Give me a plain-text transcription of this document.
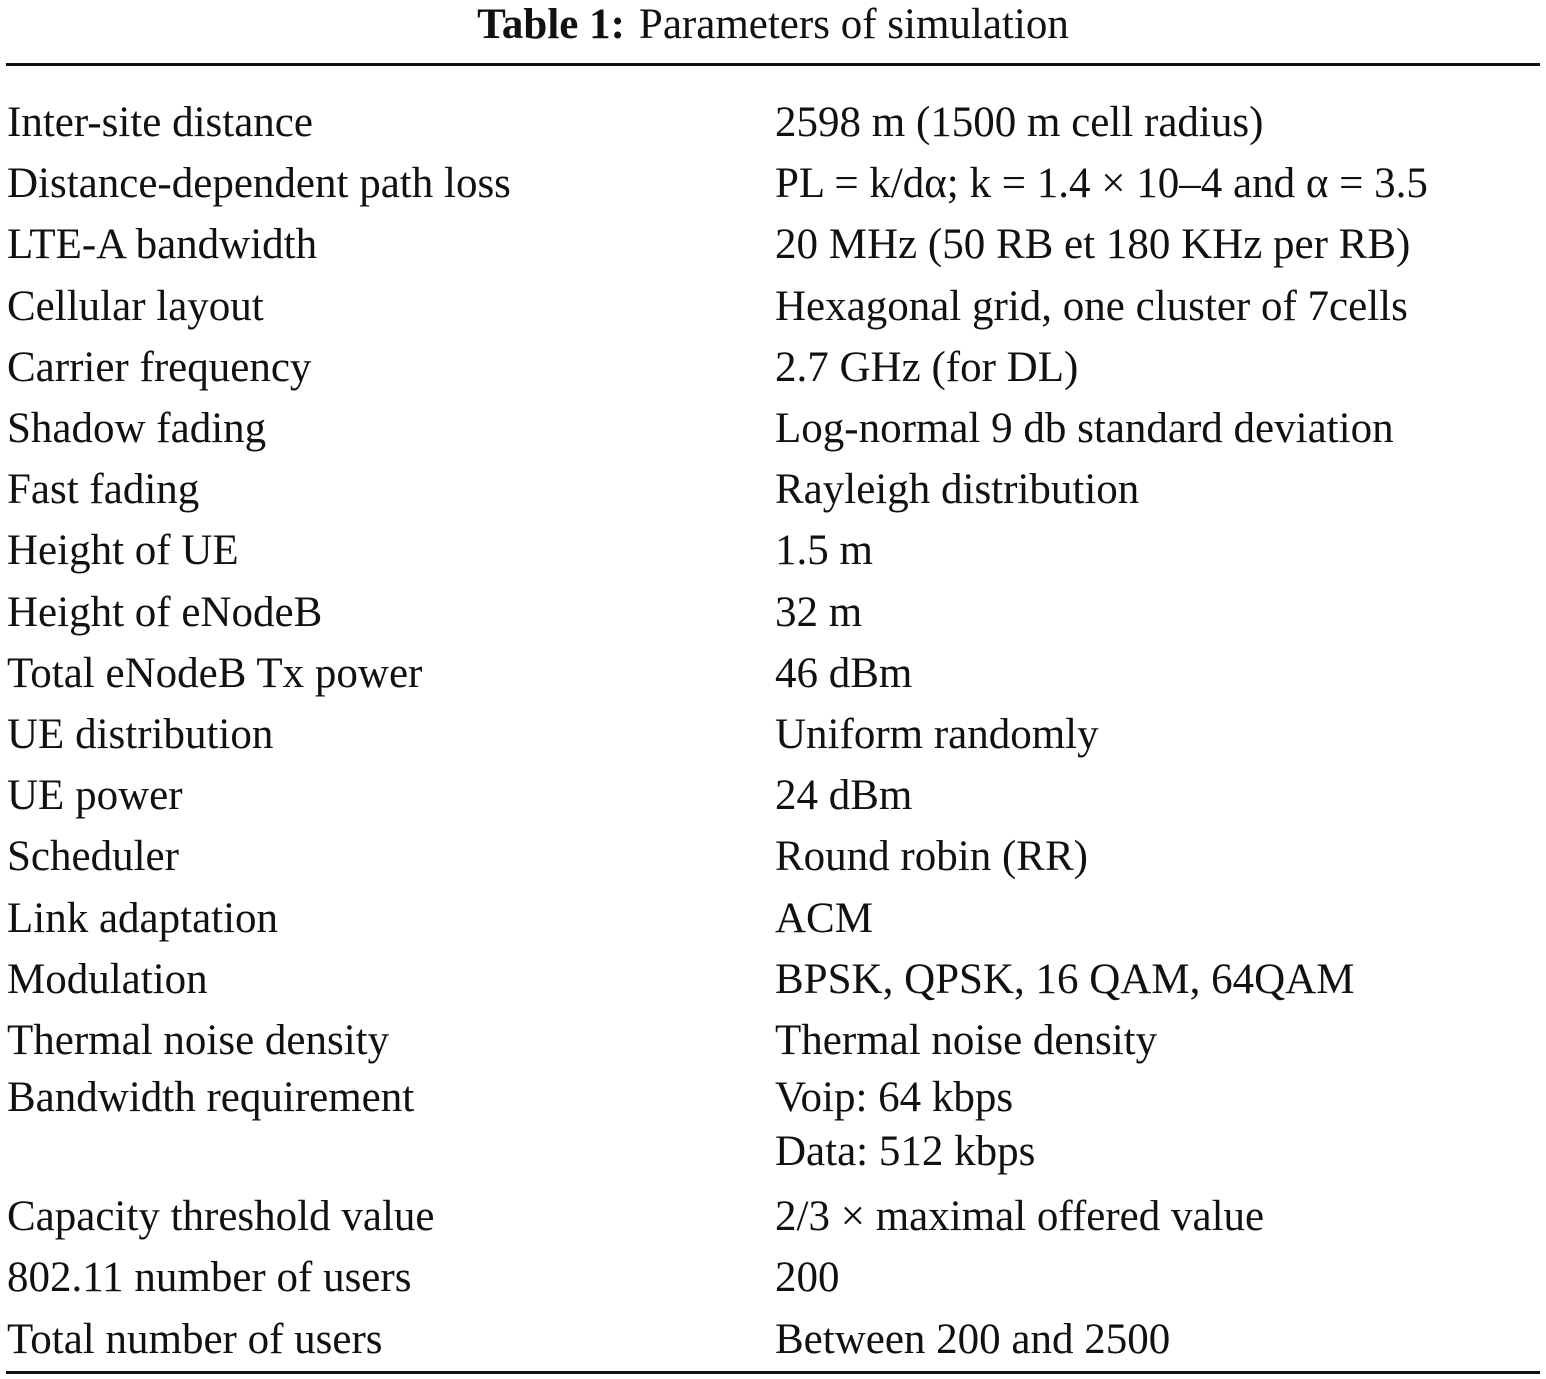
Table 1: Parameters of simulation
Inter-site distance	2598 m (1500 m cell radius)
Distance-dependent path loss	PL = k/dα; k = 1.4 × 10–4 and α = 3.5
LTE-A bandwidth	20 MHz (50 RB et 180 KHz per RB)
Cellular layout	Hexagonal grid, one cluster of 7cells
Carrier frequency	2.7 GHz (for DL)
Shadow fading	Log-normal 9 db standard deviation
Fast fading	Rayleigh distribution
Height of UE	1.5 m
Height of eNodeB	32 m
Total eNodeB Tx power	46 dBm
UE distribution	Uniform randomly
UE power	24 dBm
Scheduler	Round robin (RR)
Link adaptation	ACM
Modulation	BPSK, QPSK, 16 QAM, 64QAM
Thermal noise density	Thermal noise density
Bandwidth requirement	Voip: 64 kbps
Data: 512 kbps
Capacity threshold value	2/3 × maximal offered value
802.11 number of users	200
Total number of users	Between 200 and 2500
